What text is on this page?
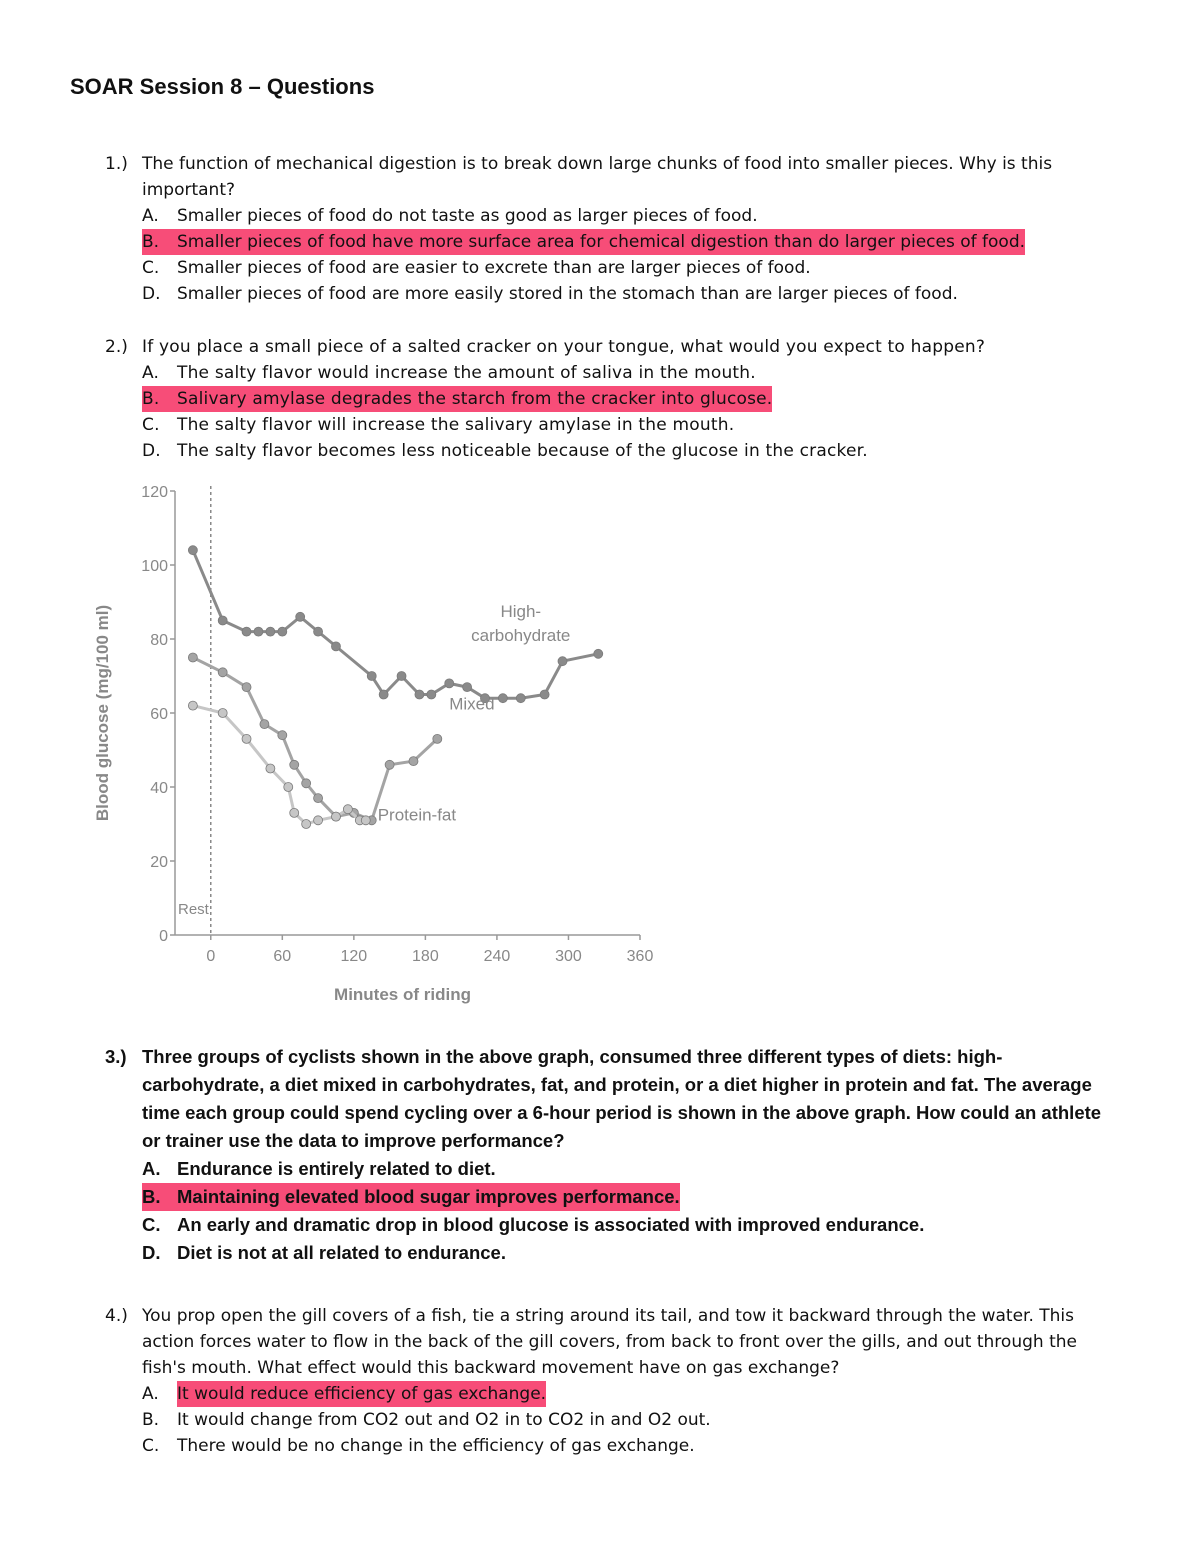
SOAR Session 8 – Questions
1.) The function of mechanical digestion is to break down large chunks of food into smaller pieces. Why is this important?
A.	Smaller pieces of food do not taste as good as larger pieces of food.
B. Smaller pieces of food have more surface area for chemical digestion than do larger pieces of food.
C.	Smaller pieces of food are easier to excrete than are larger pieces of food.
D. Smaller pieces of food are more easily stored in the stomach than are larger pieces of food.
2.) If you place a small piece of a salted cracker on your tongue, what would you expect to happen?
A.	The salty flavor would increase the amount of saliva in the mouth.
B. Salivary amylase degrades the starch from the cracker into glucose.
C.	The salty flavor will increase the salivary amylase in the mouth.
D. The salty flavor becomes less noticeable because of the glucose in the cracker.
0
20
40
60
80
100
120
0	60	120	180	240	300	360
Rest
Minutes of riding
Blood glucose (mg/100 ml)	High-
carbohydrate
Mixed
Protein-fat
3.) Three groups of cyclists shown in the above graph, consumed three different types of diets: high-carbohydrate, a diet mixed in carbohydrates, fat, and protein, or a diet higher in protein and fat. The average time each group could spend cycling over a 6-hour period is shown in the above graph. How could an athlete or trainer use the data to improve performance?
A. Endurance is entirely related to diet.
B. Maintaining elevated blood sugar improves performance.
C. An early and dramatic drop in blood glucose is associated with improved endurance.
D. Diet is not at all related to endurance.
4.) You prop open the gill covers of a fish, tie a string around its tail, and tow it backward through the water. This action forces water to flow in the back of the gill covers, from back to front over the gills, and out through the fish's mouth. What effect would this backward movement have on gas exchange?
A.	It would reduce efficiency of gas exchange.
B.	It would change from CO2 out and O2 in to CO2 in and O2 out.
C.	There would be no change in the efficiency of gas exchange.
